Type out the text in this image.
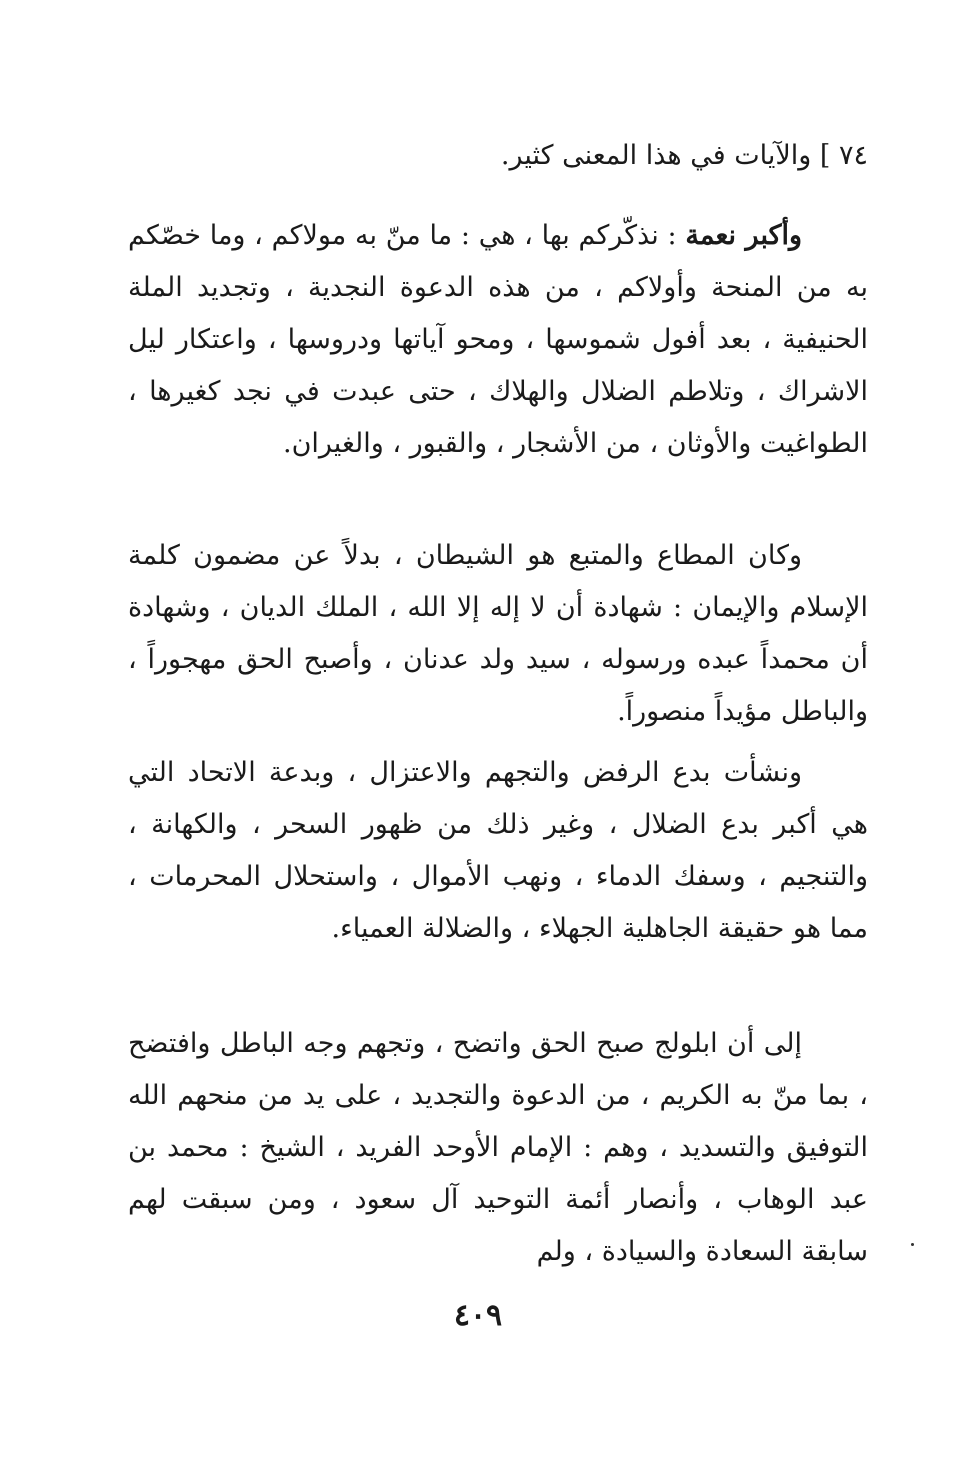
٧٤ ] والآيات في هذا المعنى كثير.

وأكبر نعمة : نذكّركم بها ، هي : ما منّ به مولاكم ، وما خصّكم به من المنحة وأولاكم ، من هذه الدعوة النجدية ، وتجديد الملة الحنيفية ، بعد أفول شموسها ، ومحو آياتها ودروسها ، واعتكار ليل الاشراك ، وتلاطم الضلال والهلاك ، حتى عبدت في نجد كغيرها ، الطواغيت والأوثان ، من الأشجار ، والقبور ، والغيران.

وكان المطاع والمتبع هو الشيطان ، بدلاً عن مضمون كلمة الإسلام والإيمان : شهادة أن لا إله إلا الله ، الملك الديان ، وشهادة أن محمداً عبده ورسوله ، سيد ولد عدنان ، وأصبح الحق مهجوراً ، والباطل مؤيداً منصوراً.

ونشأت بدع الرفض والتجهم والاعتزال ، وبدعة الاتحاد التي هي أكبر بدع الضلال ، وغير ذلك من ظهور السحر ، والكهانة ، والتنجيم ، وسفك الدماء ، ونهب الأموال ، واستحلال المحرمات ، مما هو حقيقة الجاهلية الجهلاء ، والضلالة العمياء.

إلى أن ابلولج صبح الحق واتضح ، وتجهم وجه الباطل وافتضح ، بما منّ به الكريم ، من الدعوة والتجديد ، على يد من منحهم الله التوفيق والتسديد ، وهم : الإمام الأوحد الفريد ، الشيخ : محمد بن عبد الوهاب ، وأنصار أئمة التوحيد آل سعود ، ومن سبقت لهم سابقة السعادة والسيادة ، ولم

٤٠٩
